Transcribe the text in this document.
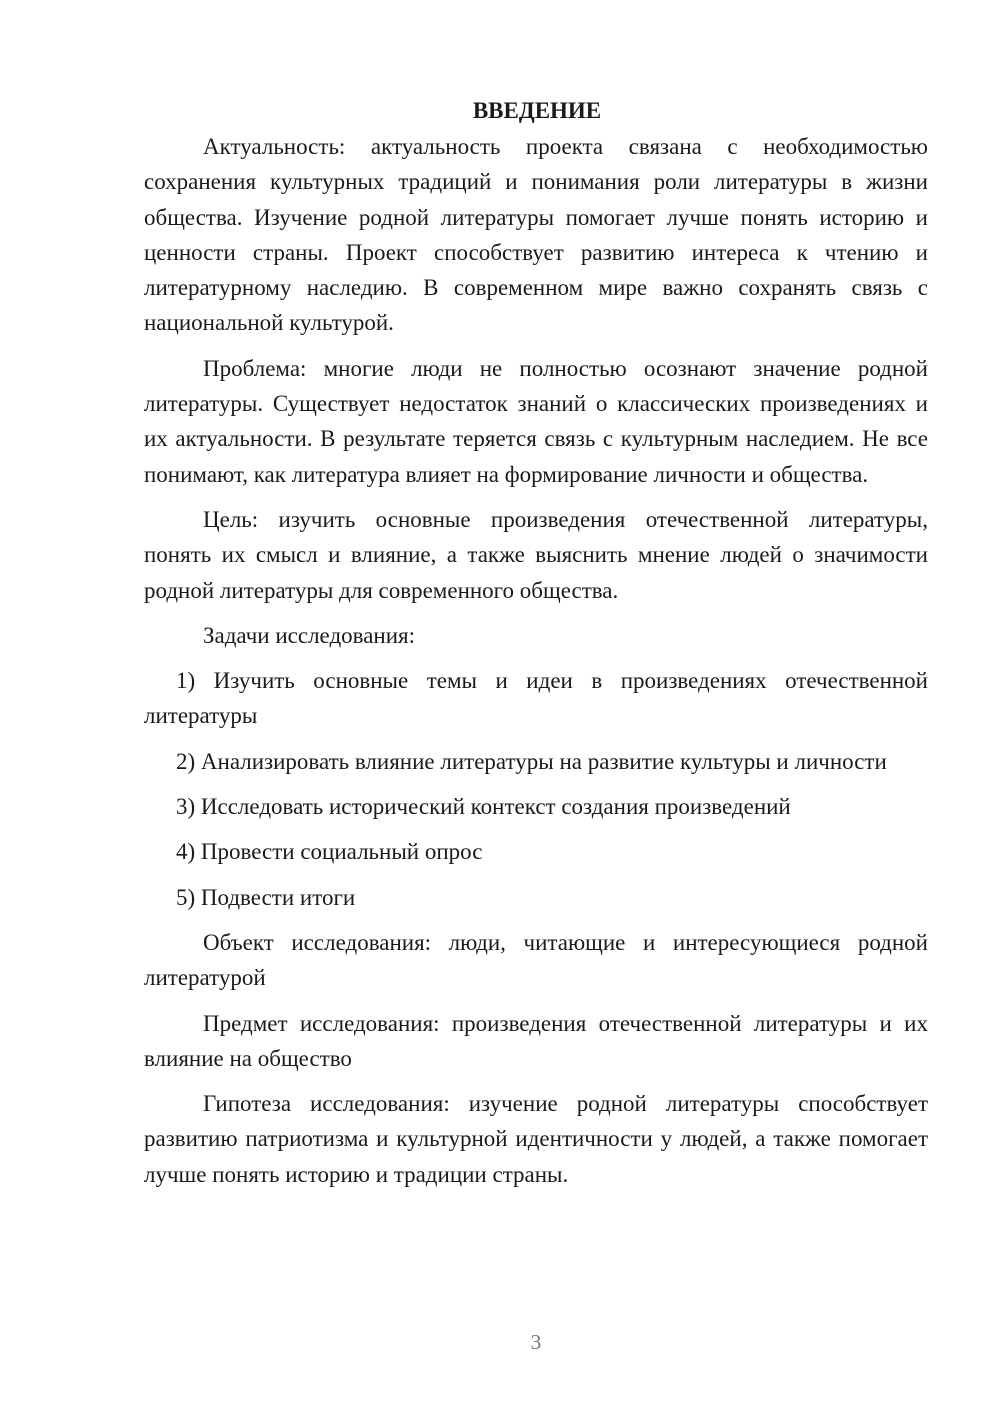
ВВЕДЕНИЕ

Актуальность: актуальность проекта связана с необходимостью сохранения культурных традиций и понимания роли литературы в жизни общества. Изучение родной литературы помогает лучше понять историю и ценности страны. Проект способствует развитию интереса к чтению и литературному наследию. В современном мире важно сохранять связь с национальной культурой.

Проблема: многие люди не полностью осознают значение родной литературы. Существует недостаток знаний о классических произведениях и их актуальности. В результате теряется связь с культурным наследием. Не все понимают, как литература влияет на формирование личности и общества.

Цель: изучить основные произведения отечественной литературы, понять их смысл и влияние, а также выяснить мнение людей о значимости родной литературы для современного общества.

Задачи исследования:

1) Изучить основные темы и идеи в произведениях отечественной литературы

2) Анализировать влияние литературы на развитие культуры и личности

3) Исследовать исторический контекст создания произведений

4) Провести социальный опрос

5) Подвести итоги

Объект исследования: люди, читающие и интересующиеся родной литературой

Предмет исследования: произведения отечественной литературы и их влияние на общество

Гипотеза исследования: изучение родной литературы способствует развитию патриотизма и культурной идентичности у людей, а также помогает лучше понять историю и традиции страны.

3
